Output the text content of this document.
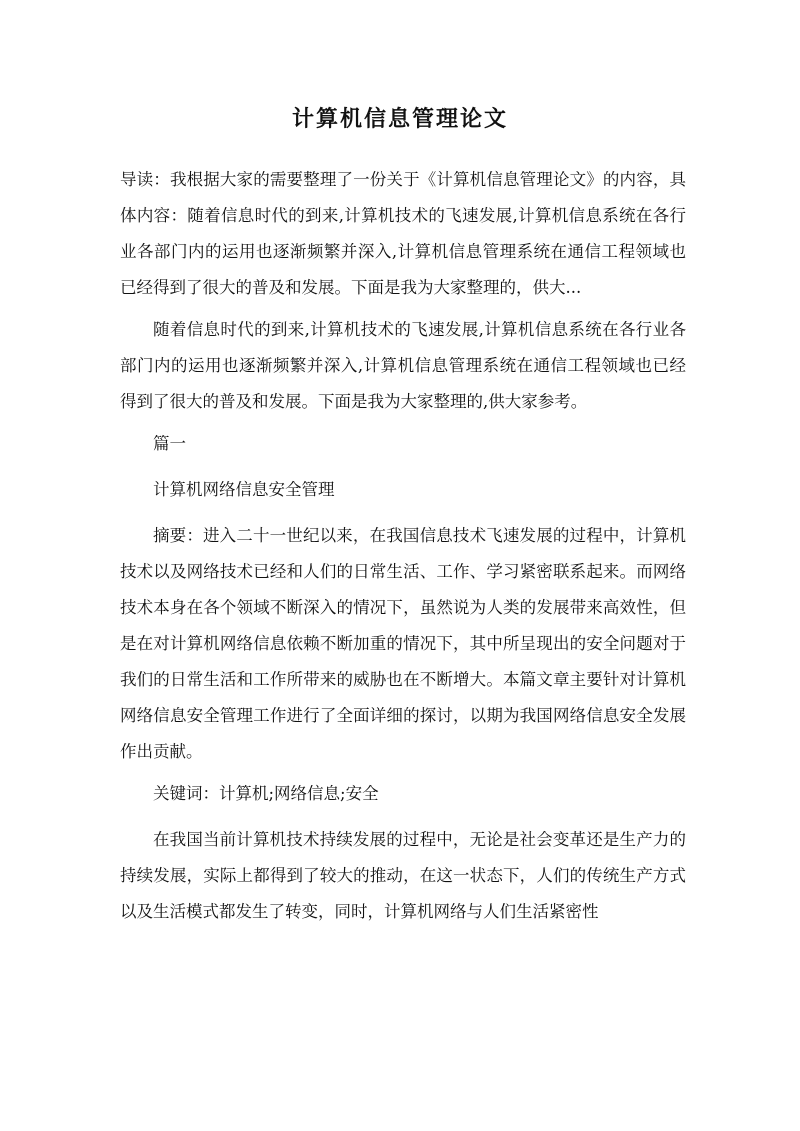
计算机信息管理论文

导读：我根据大家的需要整理了一份关于《计算机信息管理论文》的内容，具体内容：随着信息时代的到来,计算机技术的飞速发展,计算机信息系统在各行业各部门内的运用也逐渐频繁并深入,计算机信息管理系统在通信工程领域也已经得到了很大的普及和发展。下面是我为大家整理的，供大...

随着信息时代的到来,计算机技术的飞速发展,计算机信息系统在各行业各部门内的运用也逐渐频繁并深入,计算机信息管理系统在通信工程领域也已经得到了很大的普及和发展。下面是我为大家整理的,供大家参考。

篇一

计算机网络信息安全管理

摘要：进入二十一世纪以来，在我国信息技术飞速发展的过程中，计算机技术以及网络技术已经和人们的日常生活、工作、学习紧密联系起来。而网络技术本身在各个领域不断深入的情况下，虽然说为人类的发展带来高效性，但是在对计算机网络信息依赖不断加重的情况下，其中所呈现出的安全问题对于我们的日常生活和工作所带来的威胁也在不断增大。本篇文章主要针对计算机网络信息安全管理工作进行了全面详细的探讨，以期为我国网络信息安全发展作出贡献。

关键词：计算机;网络信息;安全

在我国当前计算机技术持续发展的过程中，无论是社会变革还是生产力的持续发展，实际上都得到了较大的推动，在这一状态下，人们的传统生产方式以及生活模式都发生了转变，同时，计算机网络与人们生活紧密性
